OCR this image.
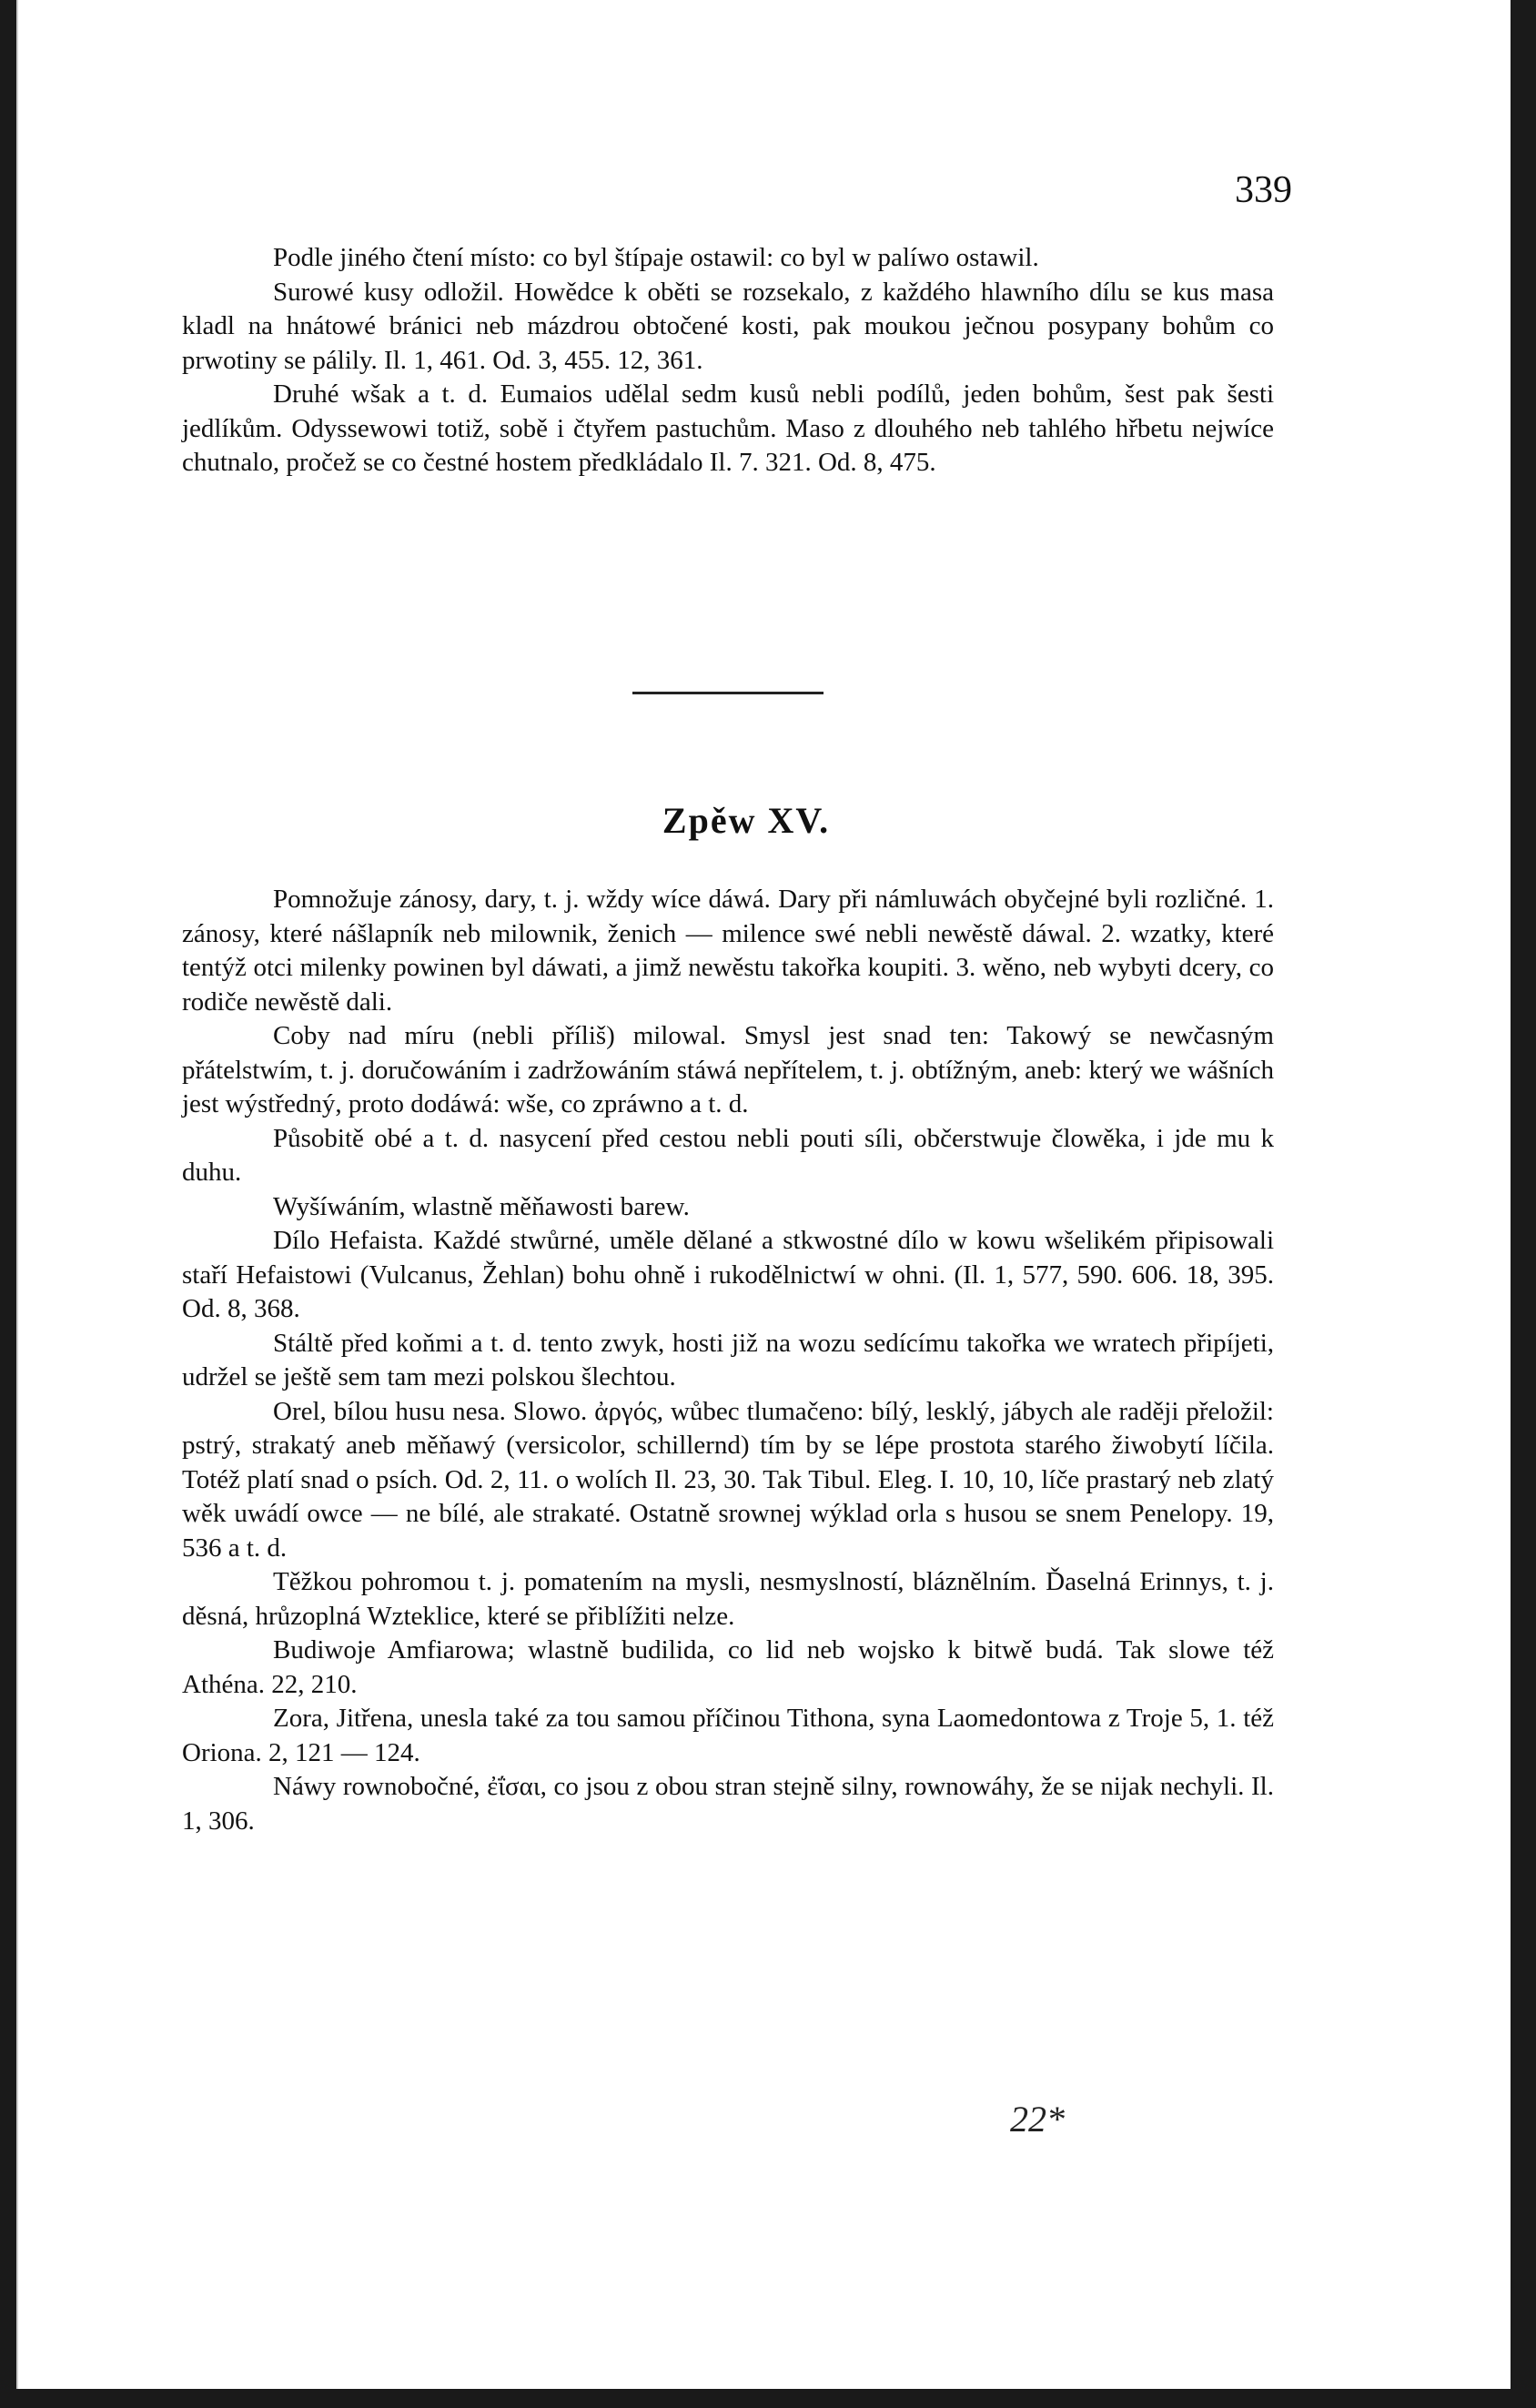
339

Podle jiného čtení místo: co byl štípaje ostawil: co byl w palíwo ostawil.

Surowé kusy odložil. Howědce k oběti se rozsekalo, z každého hlawního dílu se kus masa kladl na hnátowé bránici neb mázdrou obtočené kosti, pak moukou ječnou posypany bohům co prwotiny se pálily. Il. 1, 461. Od. 3, 455. 12, 361.

Druhé wšak a t. d. Eumaios udělal sedm kusů nebli podílů, jeden bohům, šest pak šesti jedlíkům. Odyssewowi totiž, sobě i čtyřem pastuchům. Maso z dlouhého neb tahlého hřbetu nejwíce chutnalo, pročež se co čestné hostem předkládalo Il. 7. 321. Od. 8, 475.

Zpěw XV.

Pomnožuje zánosy, dary, t. j. wždy wíce dáwá. Dary při námluwách obyčejné byli rozličné. 1. zánosy, které nášlapník neb milownik, ženich — milence swé nebli newěstě dáwal. 2. wzatky, které tentýž otci milenky powinen byl dáwati, a jimž newěstu takořka koupiti. 3. wěno, neb wybyti dcery, co rodiče newěstě dali.

Coby nad míru (nebli příliš) milowal. Smysl jest snad ten: Takowý se newčasným přátelstwím, t. j. doručowáním i zadržowáním stáwá nepřítelem, t. j. obtížným, aneb: který we wášních jest wýstředný, proto dodáwá: wše, co zpráwno a t. d.

Působitě obé a t. d. nasycení před cestou nebli pouti síli, občerstwuje člowěka, i jde mu k duhu.

Wyšíwáním, wlastně měňawosti barew.

Dílo Hefaista. Každé stwůrné, uměle dělané a stkwostné dílo w kowu wšelikém připisowali staří Hefaistowi (Vulcanus, Žehlan) bohu ohně i rukodělnictwí w ohni. (Il. 1, 577, 590. 606. 18, 395. Od. 8, 368.

Stáltě před koňmi a t. d. tento zwyk, hosti již na wozu sedícímu takořka we wratech připíjeti, udržel se ještě sem tam mezi polskou šlechtou.

Orel, bílou husu nesa. Slowo. ἀργός, wůbec tlumačeno: bílý, lesklý, jábych ale raději přeložil: pstrý, strakatý aneb měňawý (versicolor, schillernd) tím by se lépe prostota starého žiwobytí líčila. Totéž platí snad o psích. Od. 2, 11. o wolích Il. 23, 30. Tak Tibul. Eleg. I. 10, 10, líče prastarý neb zlatý wěk uwádí owce — ne bílé, ale strakaté. Ostatně srownej wýklad orla s husou se snem Penelopy. 19, 536 a t. d.

Těžkou pohromou t. j. pomatením na mysli, nesmyslností, bláznělním. Ďaselná Erinnys, t. j. děsná, hrůzoplná Wzteklice, které se přiblížiti nelze.

Budiwoje Amfiarowa; wlastně budilida, co lid neb wojsko k bitwě budá. Tak slowe též Athéna. 22, 210.

Zora, Jitřena, unesla také za tou samou příčinou Tithona, syna Laomedontowa z Troje 5, 1. též Oriona. 2, 121 — 124.

Náwy rownobočné, ἐΐσαι, co jsou z obou stran stejně silny, rownowáhy, že se nijak nechyli. Il. 1, 306.

22*
